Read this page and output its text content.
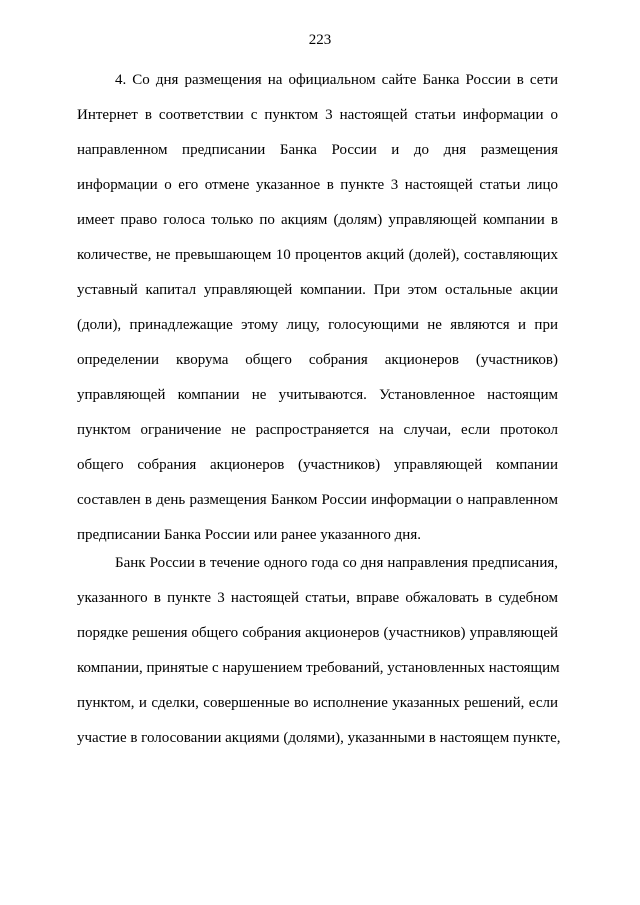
223

4. Со дня размещения на официальном сайте Банка России в сети
Интернет в соответствии с пунктом 3 настоящей статьи информации о
направленном предписании Банка России и до дня размещения
информации о его отмене указанное в пункте 3 настоящей статьи лицо
имеет право голоса только по акциям (долям) управляющей компании в
количестве, не превышающем 10 процентов акций (долей), составляющих
уставный капитал управляющей компании. При этом остальные акции
(доли), принадлежащие этому лицу, голосующими не являются и при
определении кворума общего собрания акционеров (участников)
управляющей компании не учитываются. Установленное настоящим
пунктом ограничение не распространяется на случаи, если протокол
общего собрания акционеров (участников) управляющей компании
составлен в день размещения Банком России информации о направленном
предписании Банка России или ранее указанного дня.

Банк России в течение одного года со дня направления предписания,
указанного в пункте 3 настоящей статьи, вправе обжаловать в судебном
порядке решения общего собрания акционеров (участников) управляющей
компании, принятые с нарушением требований, установленных настоящим
пунктом, и сделки, совершенные во исполнение указанных решений, если
участие в голосовании акциями (долями), указанными в настоящем пункте,
